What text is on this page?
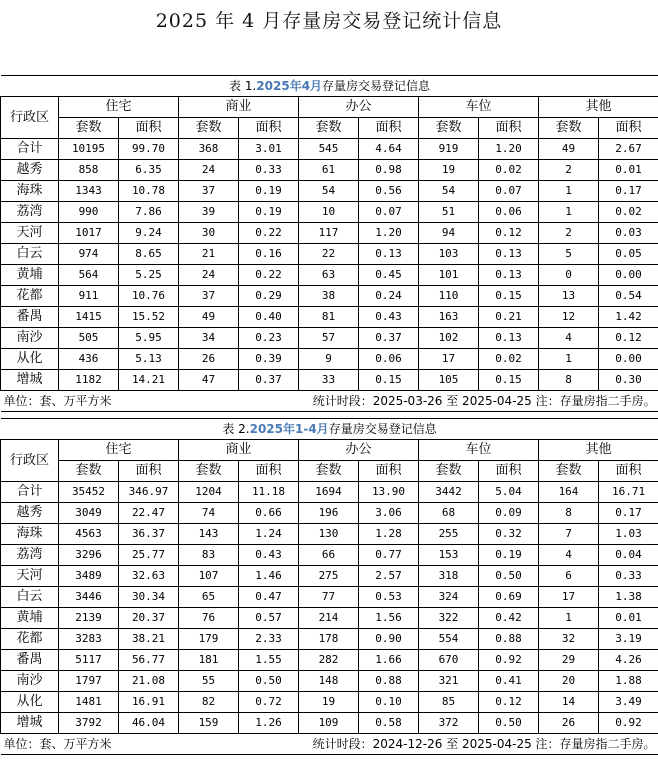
2025 年 4 月存量房交易登记统计信息
表 1.2025年4月存量房交易登记信息										
行政区	住宅		商业		办公		车位		其他	
	套数	面积	套数	面积	套数	面积	套数	面积	套数	面积
合计	10195	99.70	368	3.01	545	4.64	919	1.20	49	2.67
越秀	858	6.35	24	0.33	61	0.98	19	0.02	2	0.01
海珠	1343	10.78	37	0.19	54	0.56	54	0.07	1	0.17
荔湾	990	7.86	39	0.19	10	0.07	51	0.06	1	0.02
天河	1017	9.24	30	0.22	117	1.20	94	0.12	2	0.03
白云	974	8.65	21	0.16	22	0.13	103	0.13	5	0.05
黄埔	564	5.25	24	0.22	63	0.45	101	0.13	0	0.00
花都	911	10.76	37	0.29	38	0.24	110	0.15	13	0.54
番禺	1415	15.52	49	0.40	81	0.43	163	0.21	12	1.42
南沙	505	5.95	34	0.23	57	0.37	102	0.13	4	0.12
从化	436	5.13	26	0.39	9	0.06	17	0.02	1	0.00
增城	1182	14.21	47	0.37	33	0.15	105	0.15	8	0.30

单位：套、万平方米 统计时段：2025-03-26 至 2025-04-25 注：存量房指二手房。										
表 2.2025年1-4月存量房交易登记信息										
行政区	住宅		商业		办公		车位		其他	
	套数	面积	套数	面积	套数	面积	套数	面积	套数	面积
合计	35452	346.97	1204	11.18	1694	13.90	3442	5.04	164	16.71
越秀	3049	22.47	74	0.66	196	3.06	68	0.09	8	0.17
海珠	4563	36.37	143	1.24	130	1.28	255	0.32	7	1.03
荔湾	3296	25.77	83	0.43	66	0.77	153	0.19	4	0.04
天河	3489	32.63	107	1.46	275	2.57	318	0.50	6	0.33
白云	3446	30.34	65	0.47	77	0.53	324	0.69	17	1.38
黄埔	2139	20.37	76	0.57	214	1.56	322	0.42	1	0.01
花都	3283	38.21	179	2.33	178	0.90	554	0.88	32	3.19
番禺	5117	56.77	181	1.55	282	1.66	670	0.92	29	4.26
南沙	1797	21.08	55	0.50	148	0.88	321	0.41	20	1.88
从化	1481	16.91	82	0.72	19	0.10	85	0.12	14	3.49
增城	3792	46.04	159	1.26	109	0.58	372	0.50	26	0.92

单位：套、万平方米 统计时段：2024-12-26 至 2025-04-25 注：存量房指二手房。										
